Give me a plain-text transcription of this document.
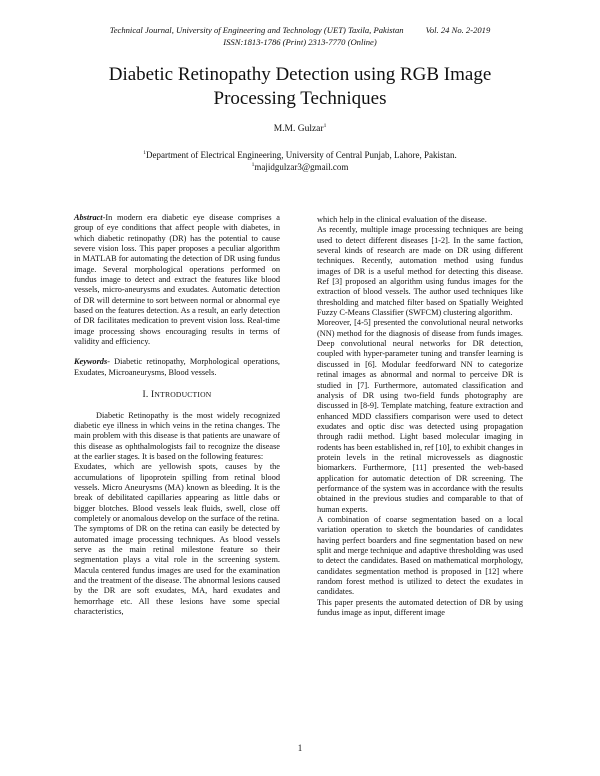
Technical Journal, University of Engineering and Technology (UET) Taxila, Pakistan	Vol. 24 No. 2-2019
ISSN:1813-1786 (Print) 2313-7770 (Online)
Diabetic Retinopathy Detection using RGB Image
Processing Techniques
M.M. Gulzar$^1$
$^1$Department of Electrical Engineering, University of Central Punjab, Lahore, Pakistan.
$^1$majidgulzar3@gmail.com

Abstract-In modern era diabetic eye disease comprises a group of eye conditions that affect people with diabetes, in which diabetic retinopathy (DR) has the potential to cause severe vision loss. This paper proposes a peculiar algorithm in MATLAB for automating the detection of DR using fundus image. Several morphological operations performed on fundus image to detect and extract the features like blood vessels, micro-aneurysms and exudates. Automatic detection of DR will determine to sort between normal or abnormal eye based on the features detection. As a result, an early detection of DR facilitates medication to prevent vision loss. Real-time image processing shows encouraging results in terms of validity and efficiency.

Keywords- Diabetic retinopathy, Morphological operations, Exudates, Microaneurysms, Blood vessels.

I. INTRODUCTION

Diabetic Retinopathy is the most widely recognized diabetic eye illness in which veins in the retina changes. The main problem with this disease is that patients are unaware of this disease as ophthalmologists fail to recognize the disease at the earlier stages. It is based on the following features:

Exudates, which are yellowish spots, causes by the accumulations of lipoprotein spilling from retinal blood vessels. Micro Aneurysms (MA) known as bleeding. It is the break of debilitated capillaries appearing as little dabs or bigger blotches. Blood vessels leak fluids, swell, close off completely or anomalous develop on the surface of the retina.

The symptoms of DR on the retina can easily be detected by automated image processing techniques. As blood vessels serve as the main retinal milestone feature so their segmentation plays a vital role in the screening system. Macula centered fundus images are used for the examination and the treatment of the disease. The abnormal lesions caused by the DR are soft exudates, MA, hard exudates and hemorrhage etc. All these lesions have some special characteristics,

which help in the clinical evaluation of the disease.

As recently, multiple image processing techniques are being used to detect different diseases [1-2]. In the same faction, several kinds of research are made on DR using different techniques. Recently, automation method using fundus images of DR is a useful method for detecting this disease. Ref [3] proposed an algorithm using fundus images for the extraction of blood vessels. The author used techniques like thresholding and matched filter based on Spatially Weighted Fuzzy C-Means Classifier (SWFCM) clustering algorithm.

Moreover, [4-5] presented the convolutional neural networks (NN) method for the diagnosis of disease from funds images. Deep convolutional neural networks for DR detection, coupled with hyper-parameter tuning and transfer learning is discussed in [6]. Modular feedforward NN to categorize retinal images as abnormal and normal to perceive DR is studied in [7]. Furthermore, automated classification and analysis of DR using two-field funds photography are discussed in [8-9]. Template matching, feature extraction and enhanced MDD classifiers comparison were used to detect exudates and optic disc was detected using propagation through radii method. Light based molecular imaging in rodents has been established in, ref [10], to exhibit changes in protein levels in the retinal microvessels as diagnostic biomarkers. Furthermore, [11] presented the web-based application for automatic detection of DR screening. The performance of the system was in accordance with the results obtained in the previous studies and comparable to that of human experts.

A combination of coarse segmentation based on a local variation operation to sketch the boundaries of candidates having perfect boarders and fine segmentation based on new split and merge technique and adaptive thresholding was used to detect the candidates. Based on mathematical morphology, candidates segmentation method is proposed in [12] where random forest method is utilized to detect the exudates in candidates.

This paper presents the automated detection of DR by using fundus image as input, different image

1
